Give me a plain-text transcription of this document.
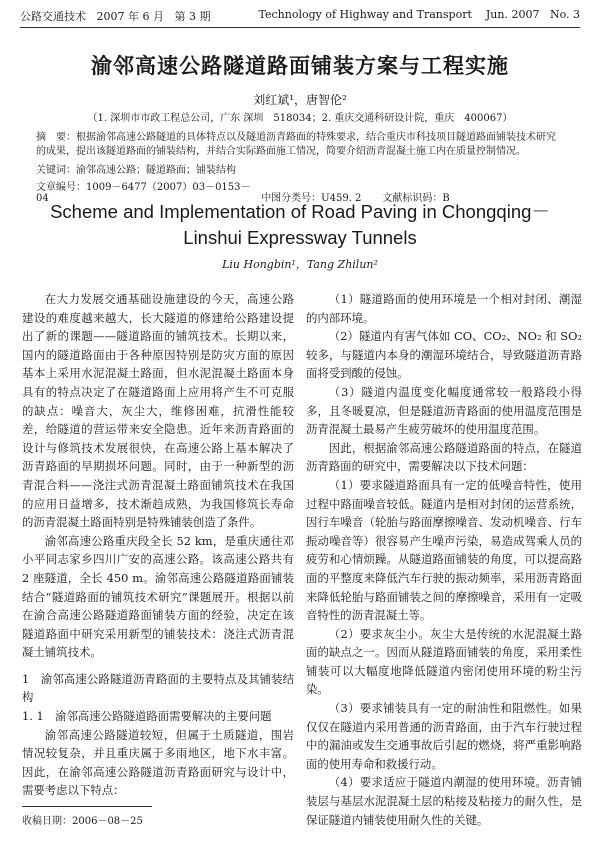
公路交通技术 2007 年 6 月 第 3 期	Technology of Highway and Transport Jun. 2007 No. 3
渝邻高速公路隧道路面铺装方案与工程实施
刘红斌¹，唐智伦²
（1. 深圳市市政工程总公司，广东 深圳　518034；2. 重庆交通科研设计院，重庆　400067）
摘　要：根据渝邻高速公路隧道的具体特点以及隧道沥青路面的特殊要求，结合重庆市科技项目隧道路面铺装技术研究的成果，提出该隧道路面的铺装结构，并结合实际路面施工情况，简要介绍沥青混凝土施工内在质量控制情况。
关键词：渝邻高速公路；隧道路面；铺装结构
文章编号：1009－6477（2007）03－0153－04	中图分类号：U459. 2 文献标识码：B
Scheme and Implementation of Road Paving in Chongqing－Linshui Expressway Tunnels
Liu Hongbin¹，Tang Zhilun²

在大力发展交通基础设施建设的今天，高速公路建设的难度越来越大，长大隧道的修建给公路建设提出了新的课题——隧道路面的铺筑技术。长期以来，国内的隧道路面由于各种原因特别是防灾方面的原因基本上采用水泥混凝土路面，但水泥混凝土路面本身具有的特点决定了在隧道路面上应用将产生不可克服的缺点：噪音大，灰尘大，维修困难，抗滑性能较差，给隧道的营运带来安全隐患。近年来沥青路面的设计与修筑技术发展很快，在高速公路上基本解决了沥青路面的早期损坏问题。同时，由于一种新型的沥青混合料——浇注式沥青混凝土路面铺筑技术在我国的应用日益增多，技术渐趋成熟，为我国修筑长寿命的沥青混凝土路面特别是特殊铺装创造了条件。

渝邻高速公路重庆段全长 52 km，是重庆通往邓小平同志家乡四川广安的高速公路。该高速公路共有 2 座隧道，全长 450 m。渝邻高速公路隧道路面铺装结合“隧道路面的铺筑技术研究”课题展开。根据以前在渝合高速公路隧道路面铺装方面的经验，决定在该隧道路面中研究采用新型的铺装技术：浇注式沥青混凝土铺筑技术。

1　渝邻高速公路隧道沥青路面的主要特点及其铺装结构

1. 1　渝邻高速公路隧道路面需要解决的主要问题

渝邻高速公路隧道较短，但属于土质隧道，围岩情况较复杂，并且重庆属于多雨地区，地下水丰富。因此，在渝邻高速公路隧道沥青路面研究与设计中，需要考虑以下特点：

（1）隧道路面的使用环境是一个相对封闭、潮湿的内部环境。

（2）隧道内有害气体如 CO、CO₂、NO₂ 和 SO₂ 较多，与隧道内本身的潮湿环境结合，导致隧道沥青路面将受到酸的侵蚀。

（3）隧道内温度变化幅度通常较一般路段小得多，且冬暖夏凉，但是隧道沥青路面的使用温度范围是沥青混凝土最易产生疲劳破坏的使用温度范围。

因此，根据渝邻高速公路隧道路面的特点，在隧道沥青路面的研究中，需要解决以下技术问题：

（1）要求隧道路面具有一定的低噪音特性，使用过程中路面噪音较低。隧道内是相对封闭的运营系统，因行车噪音（轮胎与路面摩擦噪音、发动机噪音、行车振动噪音等）很容易产生噪声污染，易造成驾乘人员的疲劳和心情烦躁。从隧道路面铺装的角度，可以提高路面的平整度来降低汽车行驶的振动频率，采用沥青路面来降低轮胎与路面铺装之间的摩擦噪音，采用有一定吸音特性的沥青混凝土等。

（2）要求灰尘小。灰尘大是传统的水泥混凝土路面的缺点之一。因而从隧道路面铺装的角度，采用柔性铺装可以大幅度地降低隧道内密闭使用环境的粉尘污染。

（3）要求铺装具有一定的耐油性和阻燃性。如果仅仅在隧道内采用普通的沥青路面，由于汽车行驶过程中的漏油或发生交通事故后引起的燃烧，将严重影响路面的使用寿命和救援行动。

（4）要求适应于隧道内潮湿的使用环境。沥青铺装层与基层水泥混凝土层的粘接及粘接力的耐久性，是保证隧道内铺装使用耐久性的关键。

收稿日期：2006－08－25
